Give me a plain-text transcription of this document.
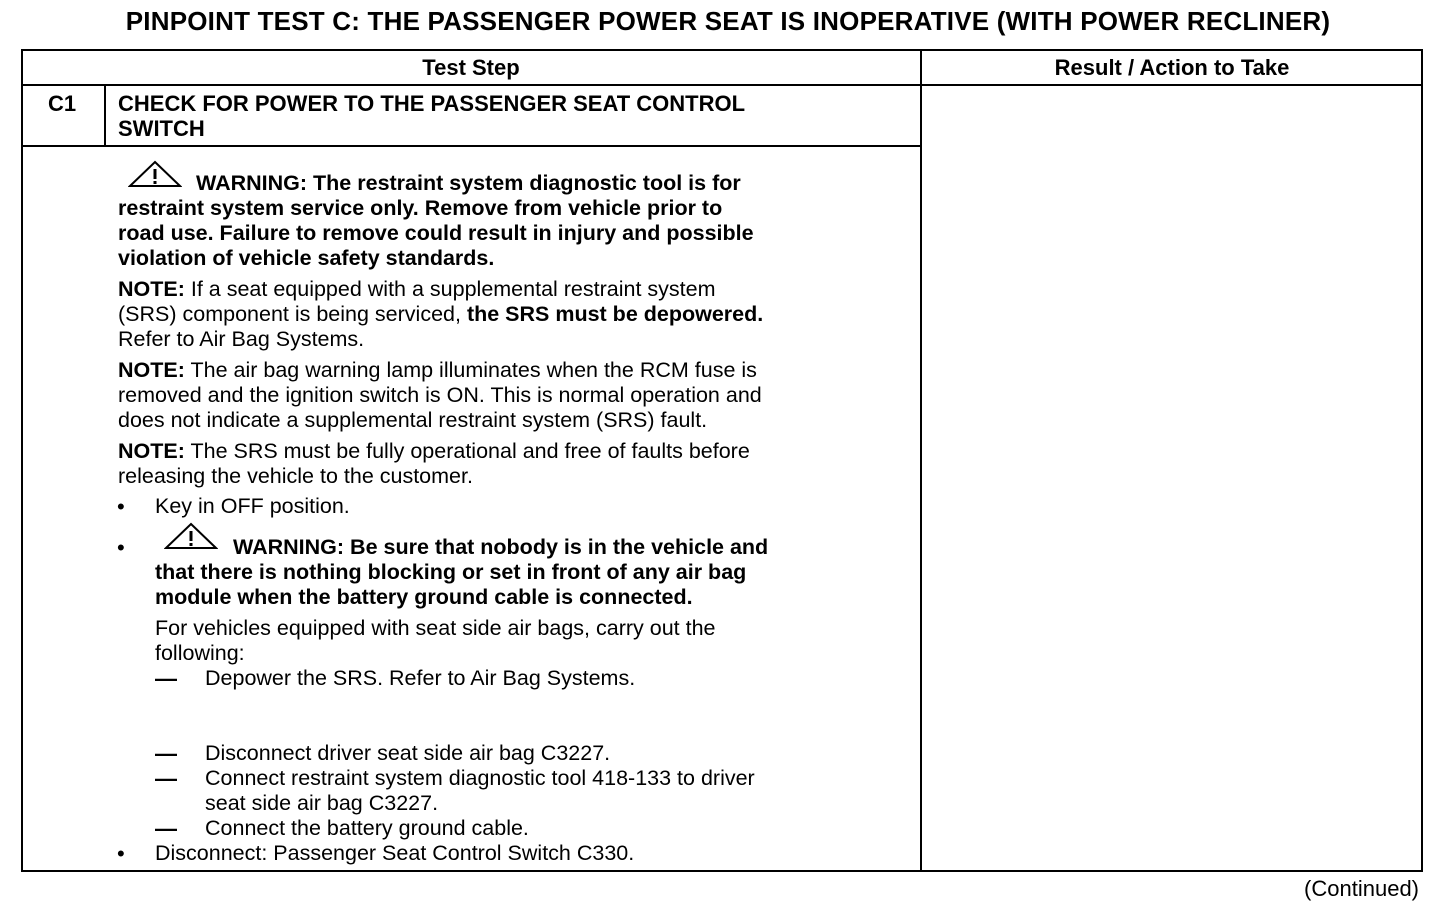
PINPOINT TEST C: THE PASSENGER POWER SEAT IS INOPERATIVE (WITH POWER RECLINER)
Test Step	Result / Action to Take
C1 CHECK FOR POWER TO THE PASSENGER SEAT CONTROL
SWITCH
WARNING: The restraint system diagnostic tool is for
restraint system service only. Remove from vehicle prior to
road use. Failure to remove could result in injury and possible
violation of vehicle safety standards.
NOTE: If a seat equipped with a supplemental restraint system
(SRS) component is being serviced, the SRS must be depowered.
Refer to Air Bag Systems.
NOTE: The air bag warning lamp illuminates when the RCM fuse is
removed and the ignition switch is ON. This is normal operation and
does not indicate a supplemental restraint system (SRS) fault.
NOTE: The SRS must be fully operational and free of faults before
releasing the vehicle to the customer.
• Key in OFF position.
•	WARNING: Be sure that nobody is in the vehicle and
that there is nothing blocking or set in front of any air bag
module when the battery ground cable is connected.
For vehicles equipped with seat side air bags, carry out the
following:
— Depower the SRS. Refer to Air Bag Systems.
— Disconnect driver seat side air bag C3227.
— Connect restraint system diagnostic tool 418-133 to driver
seat side air bag C3227.
— Connect the battery ground cable.
• Disconnect: Passenger Seat Control Switch C330.
(Continued)
